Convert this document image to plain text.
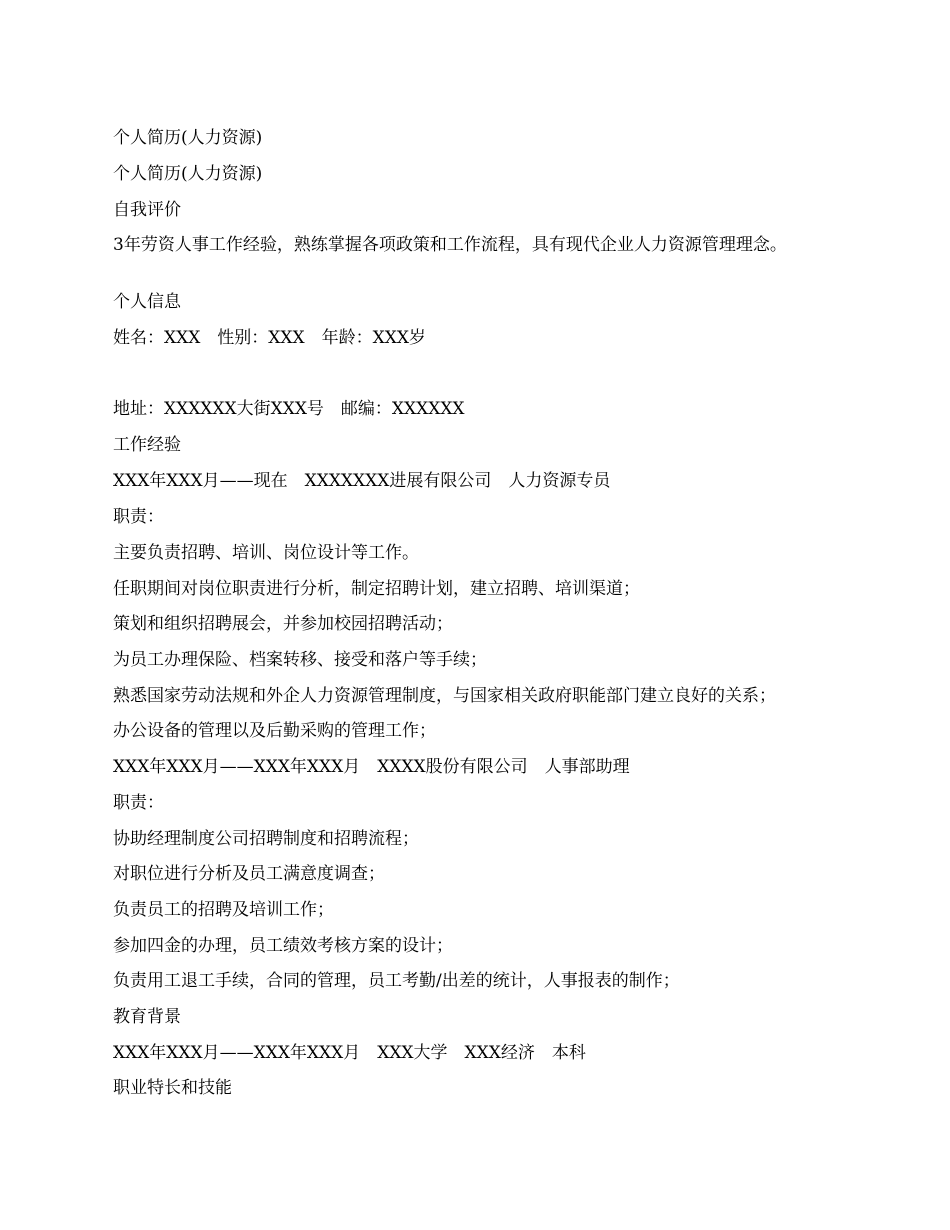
个人简历(人力资源)
个人简历(人力资源)
自我评价
3年劳资人事工作经验，熟练掌握各项政策和工作流程，具有现代企业人力资源管理理念。
个人信息
姓名：XXX　性别：XXX　年龄：XXX岁
地址：XXXXXX大街XXX号　邮编：XXXXXX
工作经验
XXX年XXX月——现在　XXXXXXX进展有限公司　人力资源专员
职责：
主要负责招聘、培训、岗位设计等工作。
任职期间对岗位职责进行分析，制定招聘计划，建立招聘、培训渠道；
策划和组织招聘展会，并参加校园招聘活动；
为员工办理保险、档案转移、接受和落户等手续；
熟悉国家劳动法规和外企人力资源管理制度，与国家相关政府职能部门建立良好的关系；
办公设备的管理以及后勤采购的管理工作；
XXX年XXX月——XXX年XXX月　XXXX股份有限公司　人事部助理
职责：
协助经理制度公司招聘制度和招聘流程；
对职位进行分析及员工满意度调查；
负责员工的招聘及培训工作；
参加四金的办理，员工绩效考核方案的设计；
负责用工退工手续，合同的管理，员工考勤/出差的统计，人事报表的制作；
教育背景
XXX年XXX月——XXX年XXX月　XXX大学　XXX经济　本科
职业特长和技能
